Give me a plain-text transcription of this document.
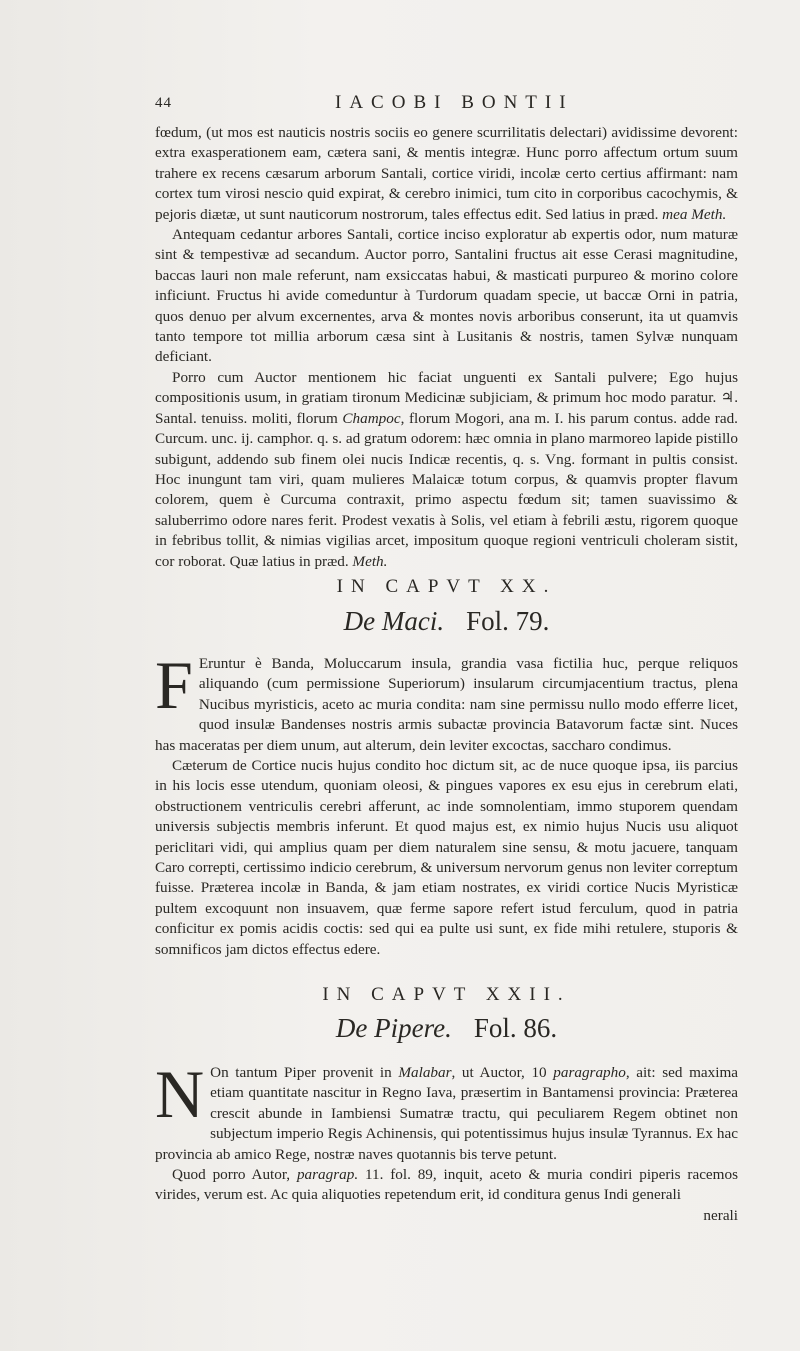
44	IACOBI BONTII

fœdum, (ut mos est nauticis nostris sociis eo genere scurrilitatis delectari) avidissime devorent: extra exasperationem eam, cætera sani, & mentis integræ. Hunc porro affectum ortum suum trahere ex recens cæsarum arborum Santali, cortice viridi, incolæ certo certius affirmant: nam cortex tum virosi nescio quid expirat, & cerebro inimici, tum cito in corporibus cacochymis, & pejoris diætæ, ut sunt nauticorum nostrorum, tales effectus edit. Sed latius in præd. mea Meth.

Antequam cedantur arbores Santali, cortice inciso exploratur ab expertis odor, num maturæ sint & tempestivæ ad secandum. Auctor porro, Santalini fructus ait esse Cerasi magnitudine, baccas lauri non male referunt, nam exsiccatas habui, & masticati purpureo & morino colore inficiunt. Fructus hi avide comeduntur à Turdorum quadam specie, ut baccæ Orni in patria, quos denuo per alvum excernentes, arva & montes novis arboribus conserunt, ita ut quamvis tanto tempore tot millia arborum cæsa sint à Lusitanis & nostris, tamen Sylvæ nunquam deficiant.

Porro cum Auctor mentionem hic faciat unguenti ex Santali pulvere; Ego hujus compositionis usum, in gratiam tironum Medicinæ subjiciam, & primum hoc modo paratur. ♃. Santal. tenuiss. moliti, florum Champoc, florum Mogori, ana m. I. his parum contus. adde rad. Curcum. unc. ij. camphor. q. s. ad gratum odorem: hæc omnia in plano marmoreo lapide pistillo subigunt, addendo sub finem olei nucis Indicæ recentis, q. s. Vng. formant in pultis consist. Hoc inungunt tam viri, quam mulieres Malaicæ totum corpus, & quamvis propter flavum colorem, quem è Curcuma contraxit, primo aspectu fœdum sit; tamen suavissimo & saluberrimo odore nares ferit. Prodest vexatis à Solis, vel etiam à febrili æstu, rigorem quoque in febribus tollit, & nimias vigilias arcet, impositum quoque regioni ventriculi choleram sistit, cor roborat. Quæ latius in præd. Meth.

IN CAPVT XX.
De Maci. Fol. 79.

F Eruntur è Banda, Moluccarum insula, grandia vasa fictilia huc, perque reliquos aliquando (cum permissione Superiorum) insularum circumjacentium tractus, plena Nucibus myristicis, aceto ac muria condita: nam sine permissu nullo modo efferre licet, quod insulæ Bandenses nostris armis subactæ provincia Batavorum factæ sint. Nuces has maceratas per diem unum, aut alterum, dein leviter excoctas, saccharo condimus.

Cæterum de Cortice nucis hujus condito hoc dictum sit, ac de nuce quoque ipsa, iis parcius in his locis esse utendum, quoniam oleosi, & pingues vapores ex esu ejus in cerebrum elati, obstructionem ventriculis cerebri afferunt, ac inde somnolentiam, immo stuporem quendam universis subjectis membris inferunt. Et quod majus est, ex nimio hujus Nucis usu aliquot periclitari vidi, qui amplius quam per diem naturalem sine sensu, & motu jacuere, tanquam Caro correpti, certissimo indicio cerebrum, & universum nervorum genus non leviter correptum fuisse. Præterea incolæ in Banda, & jam etiam nostrates, ex viridi cortice Nucis Myristicæ pultem excoquunt non insuavem, quæ ferme sapore refert istud ferculum, quod in patria conficitur ex pomis acidis coctis: sed qui ea pulte usi sunt, ex fide mihi retulere, stuporis & somnificos jam dictos effectus edere.

IN CAPVT XXII.
De Pipere. Fol. 86.

N On tantum Piper provenit in Malabar, ut Auctor, 10 paragrapho, ait: sed maxima etiam quantitate nascitur in Regno Iava, præsertim in Bantamensi provincia: Præterea crescit abunde in Iambiensi Sumatræ tractu, qui peculiarem Regem obtinet non subjectum imperio Regis Achinensis, qui potentissimus hujus insulæ Tyrannus. Ex hac provincia ab amico Rege, nostræ naves quotannis bis terve petunt.

Quod porro Autor, paragrap. 11. fol. 89, inquit, aceto & muria condiri piperis racemos virides, verum est. Ac quia aliquoties repetendum erit, id conditura genus Indi generali

nerali
